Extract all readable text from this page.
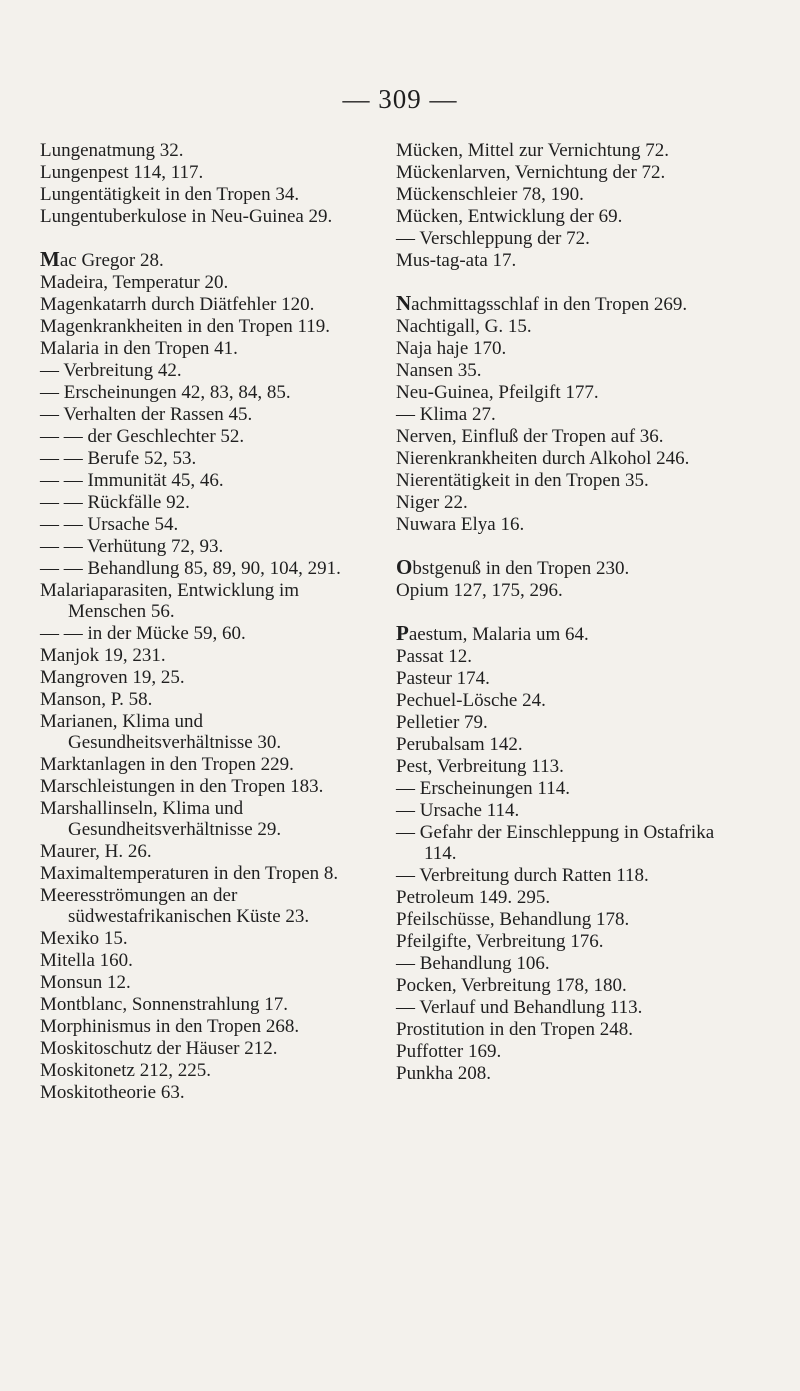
— 309 —
Lungenatmung 32.
Lungenpest 114, 117.
Lungentätigkeit in den Tropen 34.
Lungentuberkulose in Neu-Guinea 29.
Mac Gregor 28.
Madeira, Temperatur 20.
Magenkatarrh durch Diätfehler 120.
Magenkrankheiten in den Tropen 119.
Malaria in den Tropen 41.
— Verbreitung 42.
— Erscheinungen 42, 83, 84, 85.
— Verhalten der Rassen 45.
— — der Geschlechter 52.
— — Berufe 52, 53.
— — Immunität 45, 46.
— — Rückfälle 92.
— — Ursache 54.
— — Verhütung 72, 93.
— — Behandlung 85, 89, 90, 104, 291.
Malariaparasiten, Entwicklung im Menschen 56.
— — in der Mücke 59, 60.
Manjok 19, 231.
Mangroven 19, 25.
Manson, P. 58.
Marianen, Klima und Gesundheitsverhältnisse 30.
Marktanlagen in den Tropen 229.
Marschleistungen in den Tropen 183.
Marshallinseln, Klima und Gesundheitsverhältnisse 29.
Maurer, H. 26.
Maximaltemperaturen in den Tropen 8.
Meeresströmungen an der südwestafrikanischen Küste 23.
Mexiko 15.
Mitella 160.
Monsun 12.
Montblanc, Sonnenstrahlung 17.
Morphinismus in den Tropen 268.
Moskitoschutz der Häuser 212.
Moskitonetz 212, 225.
Moskitotheorie 63.
Mücken, Mittel zur Vernichtung 72.
Mückenlarven, Vernichtung der 72.
Mückenschleier 78, 190.
Mücken, Entwicklung der 69.
— Verschleppung der 72.
Mus-tag-ata 17.
Nachmittagsschlaf in den Tropen 269.
Nachtigall, G. 15.
Naja haje 170.
Nansen 35.
Neu-Guinea, Pfeilgift 177.
— Klima 27.
Nerven, Einfluß der Tropen auf 36.
Nierenkrankheiten durch Alkohol 246.
Nierentätigkeit in den Tropen 35.
Niger 22.
Nuwara Elya 16.
Obstgenuß in den Tropen 230.
Opium 127, 175, 296.
Paestum, Malaria um 64.
Passat 12.
Pasteur 174.
Pechuel-Lösche 24.
Pelletier 79.
Perubalsam 142.
Pest, Verbreitung 113.
— Erscheinungen 114.
— Ursache 114.
— Gefahr der Einschleppung in Ostafrika 114.
— Verbreitung durch Ratten 118.
Petroleum 149. 295.
Pfeilschüsse, Behandlung 178.
Pfeilgifte, Verbreitung 176.
— Behandlung 106.
Pocken, Verbreitung 178, 180.
— Verlauf und Behandlung 113.
Prostitution in den Tropen 248.
Puffotter 169.
Punkha 208.
